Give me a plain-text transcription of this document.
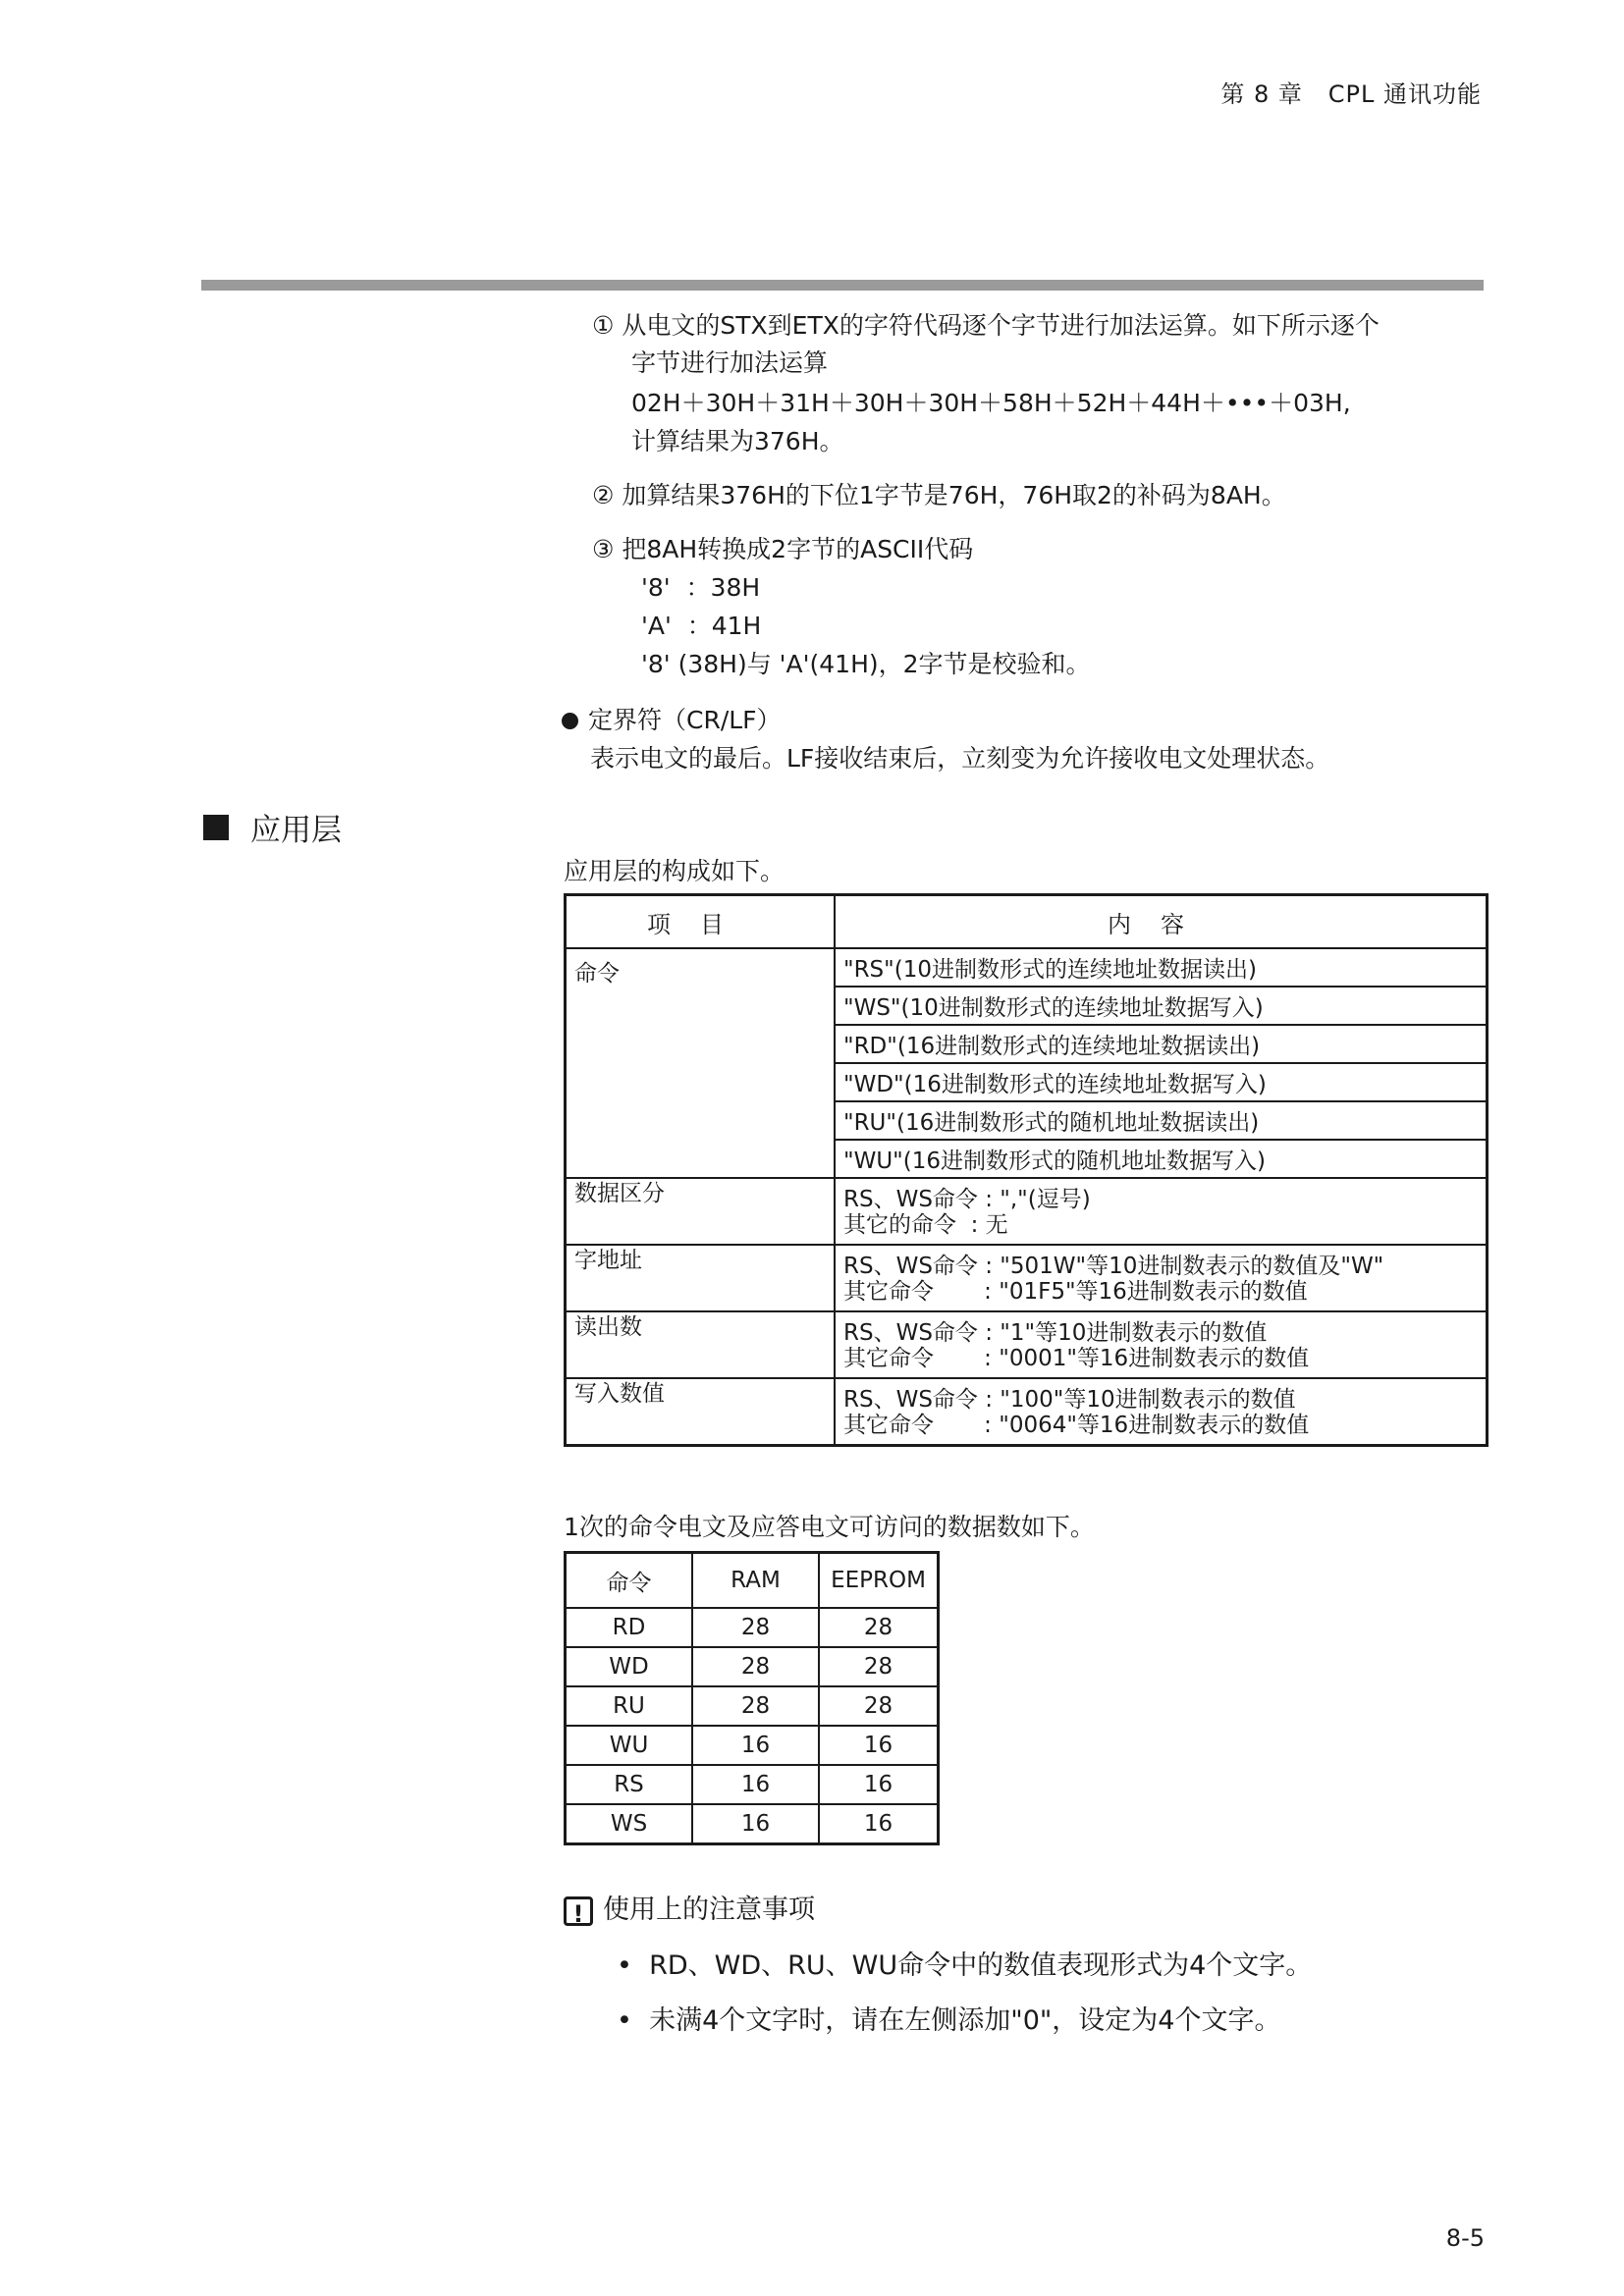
第 8 章 CPL 通讯功能
① 从电文的STX到ETX的字符代码逐个字节进行加法运算。如下所示逐个
字节进行加法运算
02H＋30H＋31H＋30H＋30H＋58H＋52H＋44H＋•••＋03H,
计算结果为376H。
② 加算结果376H的下位1字节是76H，76H取2的补码为8AH。
③ 把8AH转换成2字节的ASCII代码
'8'  ：38H
'A'  ：41H
'8' (38H)与 'A'(41H)，2字节是校验和。
定界符（CR/LF）
表示电文的最后。LF接收结束后，立刻变为允许接收电文处理状态。
应用层
应用层的构成如下。
项目	内容
命令	"RS"(10进制数形式的连续地址数据读出)
	"WS"(10进制数形式的连续地址数据写入)
	"RD"(16进制数形式的连续地址数据读出)
	"WD"(16进制数形式的连续地址数据写入)
	"RU"(16进制数形式的随机地址数据读出)
	"WU"(16进制数形式的随机地址数据写入)
数据区分	RS、WS命令 : ","(逗号)
其它的命令  : 无

字地址	RS、WS命令 : "501W"等10进制数表示的数值及"W"
其它命令       : "01F5"等16进制数表示的数值

读出数	RS、WS命令 : "1"等10进制数表示的数值
其它命令       : "0001"等16进制数表示的数值

写入数值	RS、WS命令 : "100"等10进制数表示的数值
其它命令       : "0064"等16进制数表示的数值
1次的命令电文及应答电文可访问的数据数如下。
命令	RAM	EEPROM
RD	28	28
WD	28	28
RU	28	28
WU	16	16
RS	16	16
WS	16	16
! 使用上的注意事项
• RD、WD、RU、WU命令中的数值表现形式为4个文字。
• 未满4个文字时，请在左侧添加"0"，设定为4个文字。
8-5
